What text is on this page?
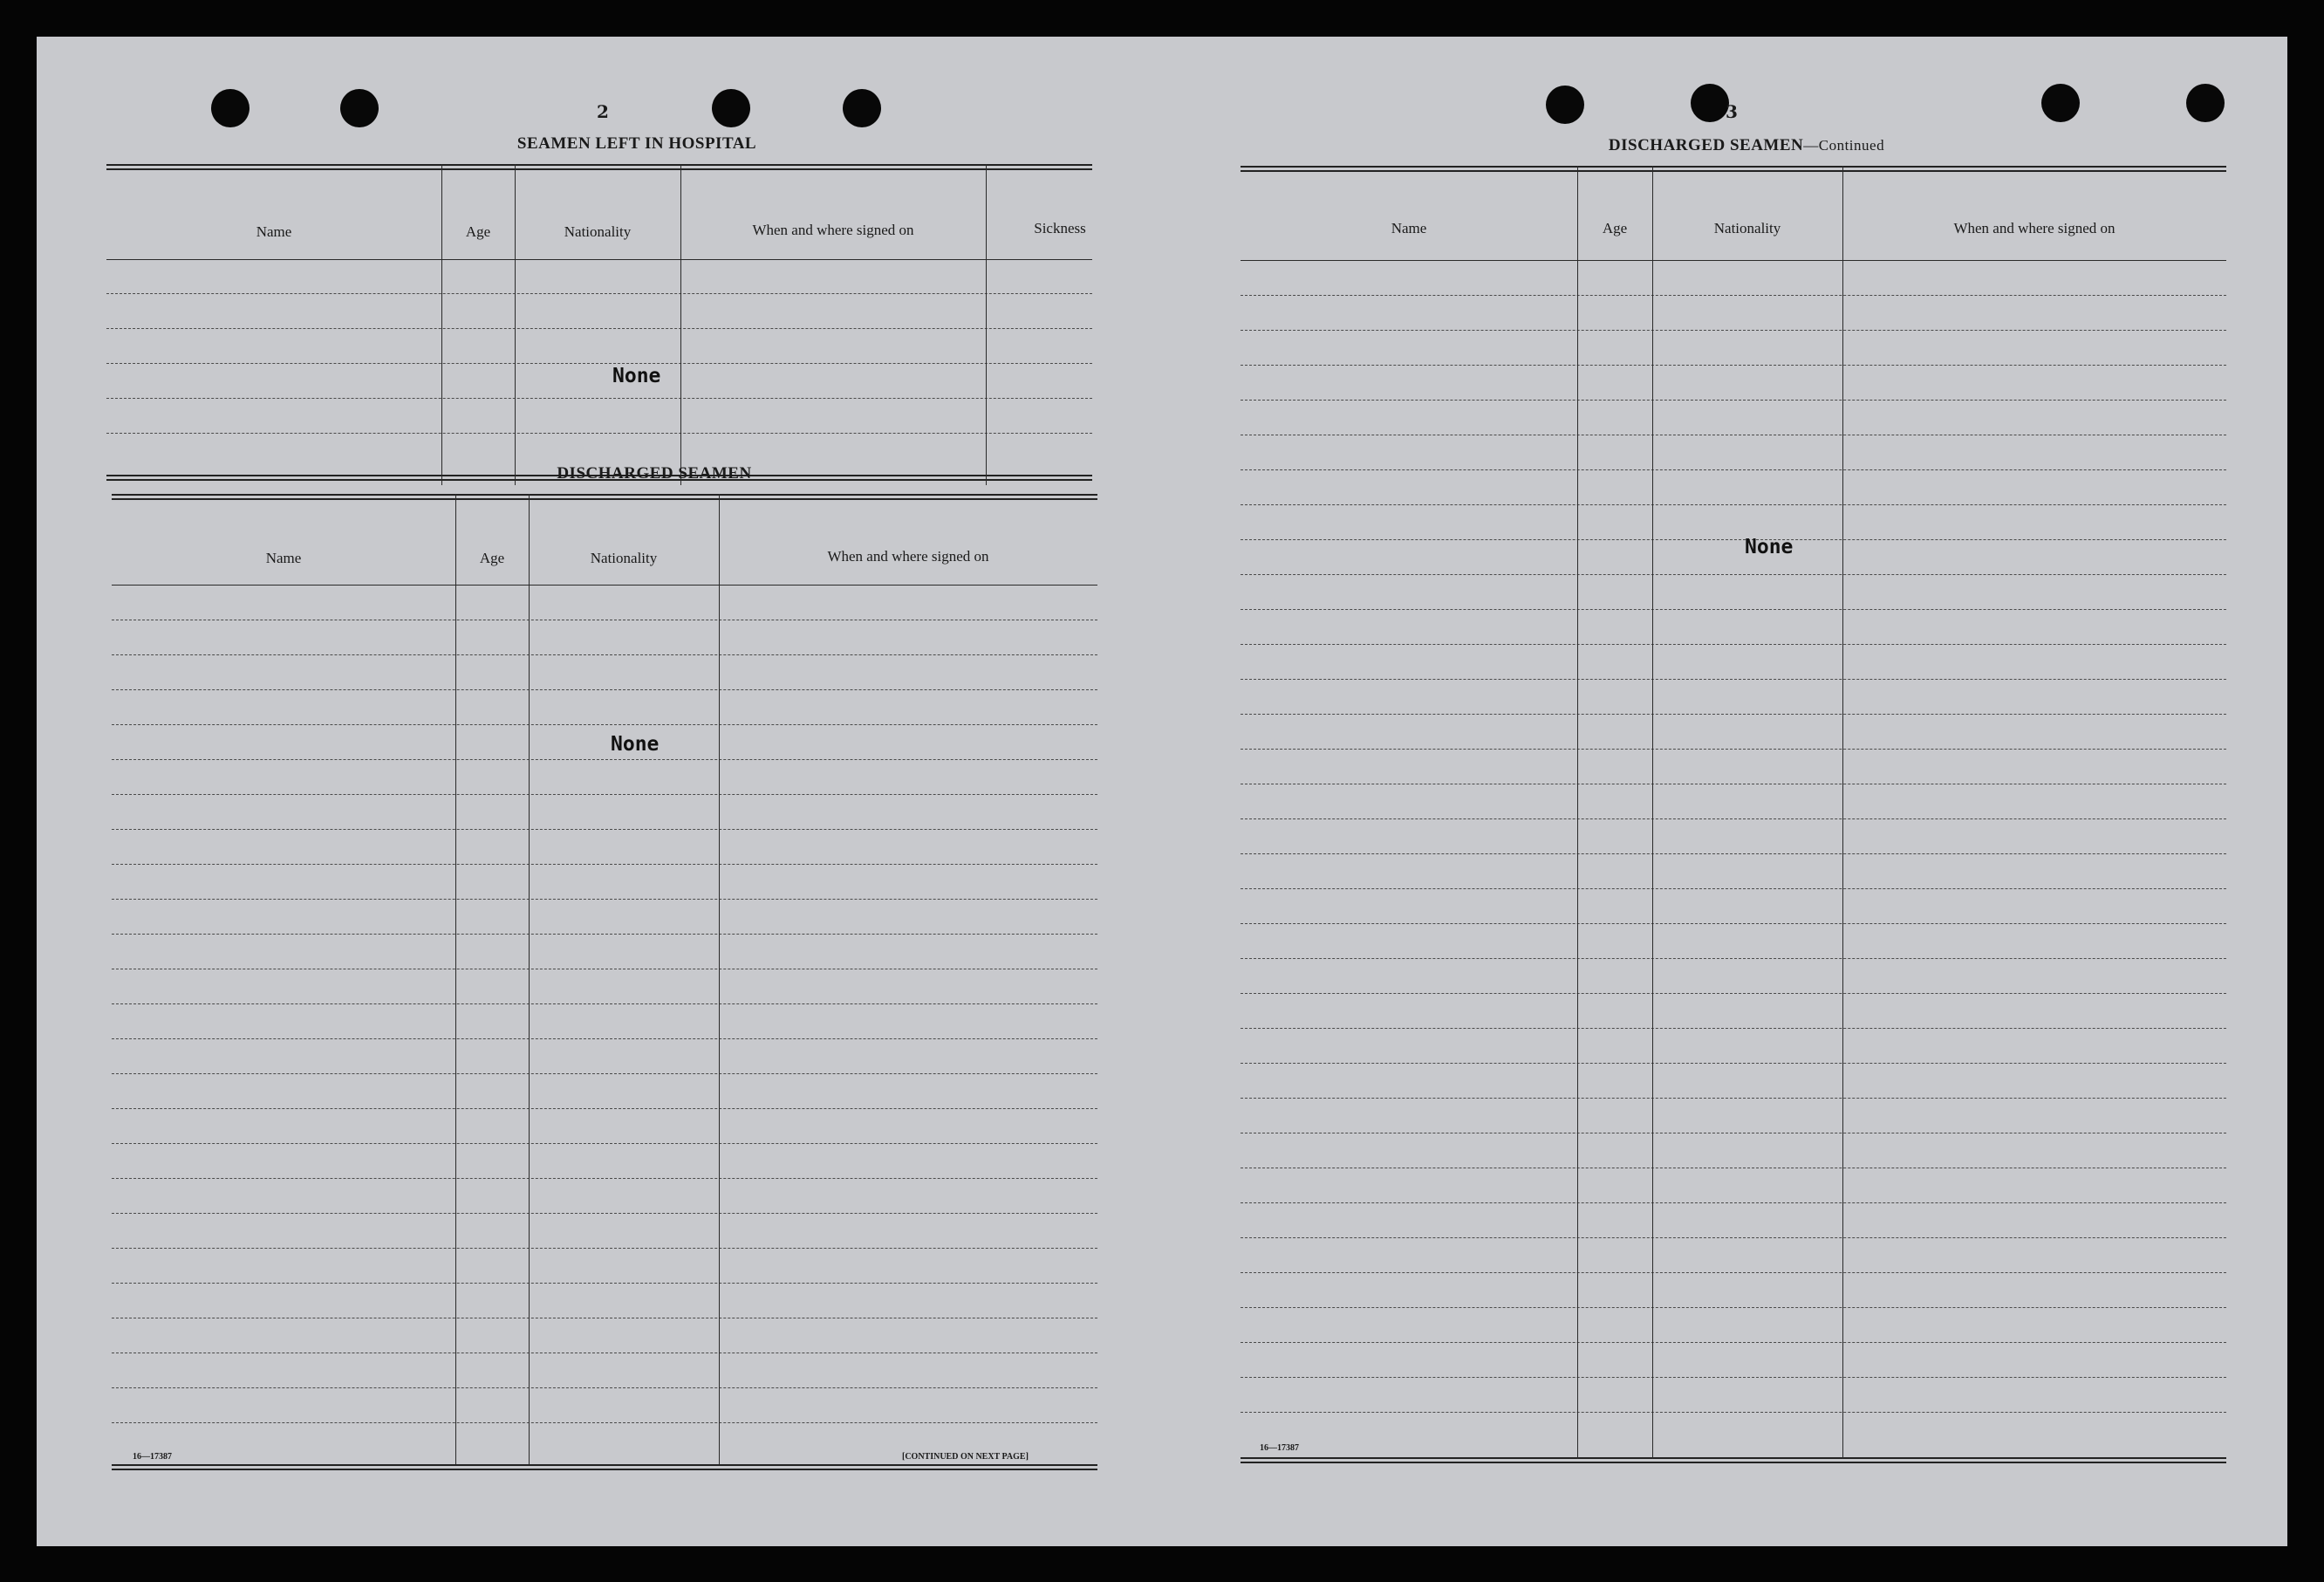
2
SEAMEN LEFT IN HOSPITAL
Name	Age	Nationality	When and where signed on	Sickness
None
DISCHARGED SEAMEN
Name	Age	Nationality	When and where signed on
None
16—17387	[CONTINUED ON NEXT PAGE]
3
DISCHARGED SEAMEN—Continued
Name	Age	Nationality	When and where signed on
None
16—17387
